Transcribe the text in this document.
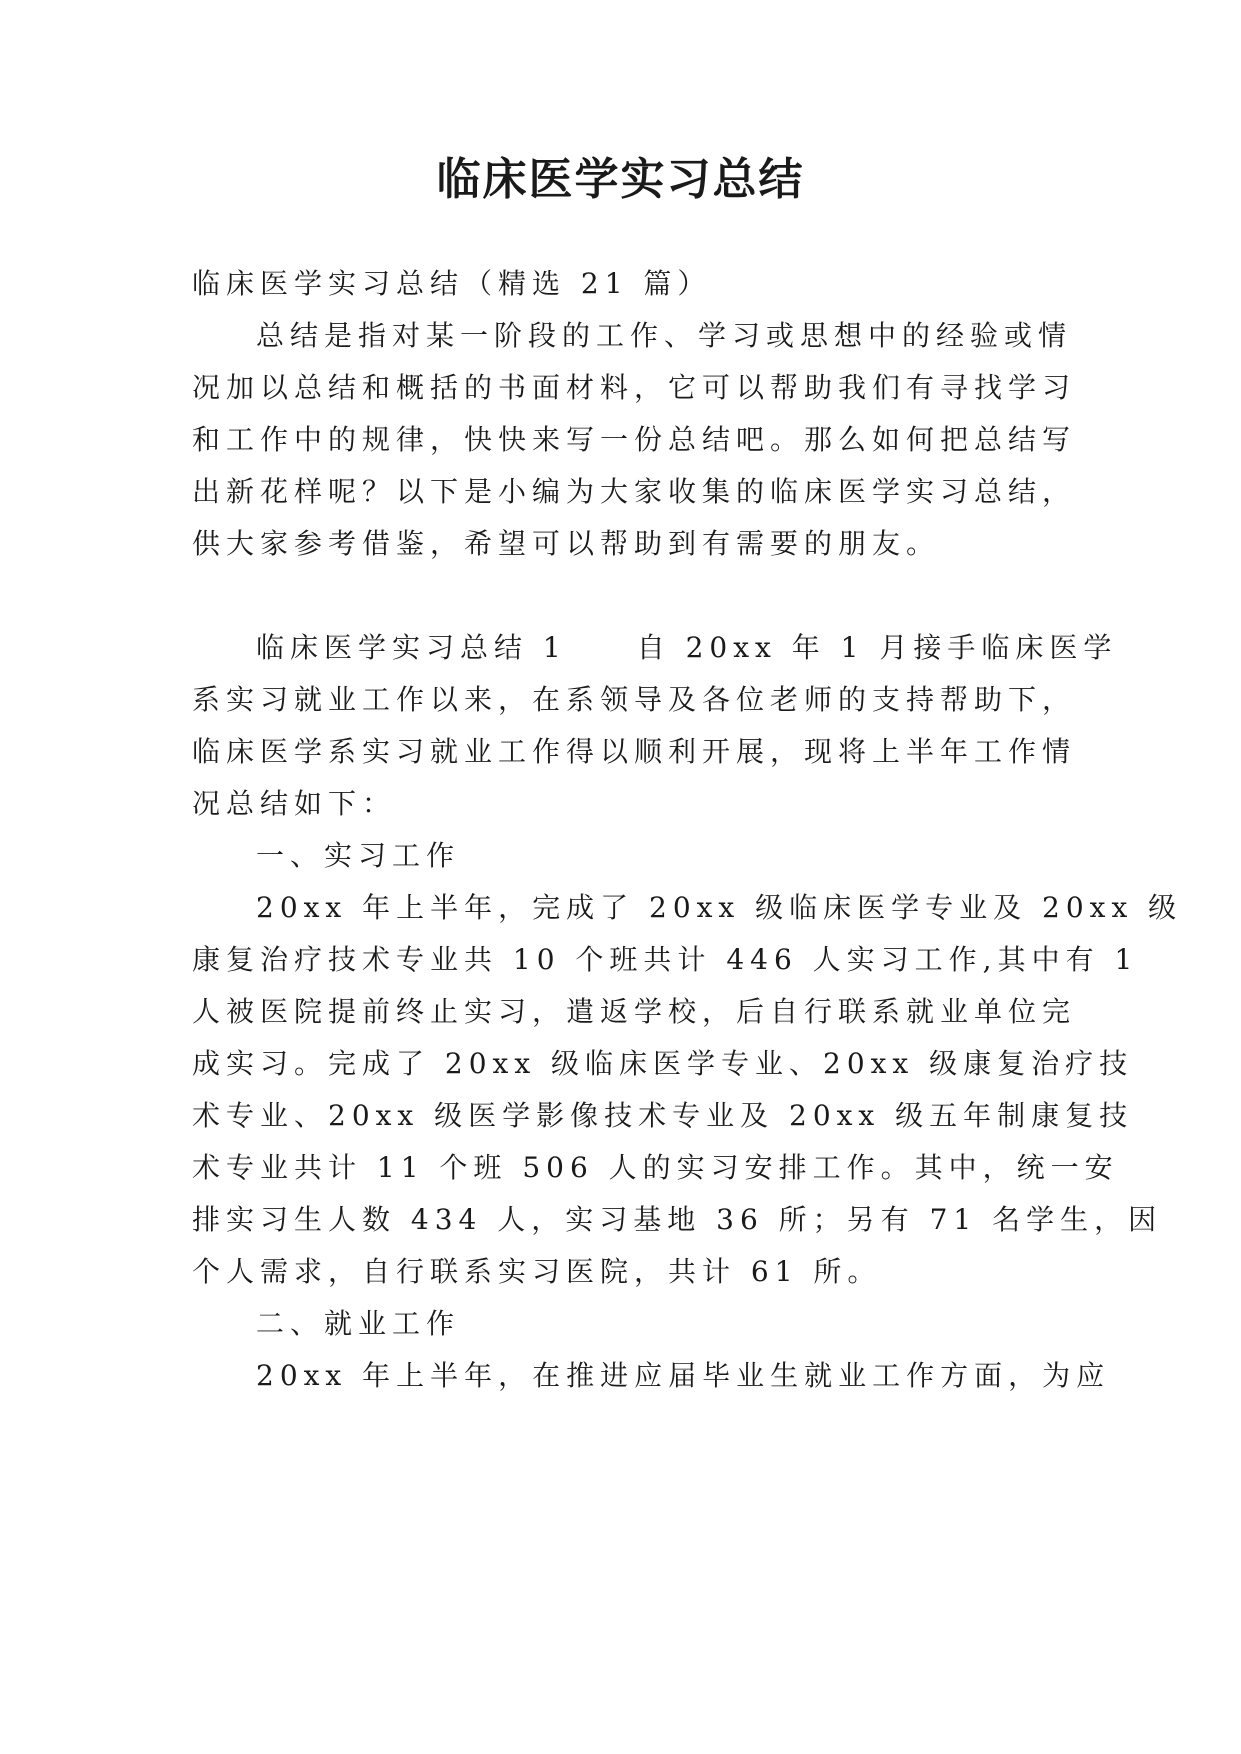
临床医学实习总结
临床医学实习总结（精选 21 篇）
总结是指对某一阶段的工作、学习或思想中的经验或情
况加以总结和概括的书面材料，它可以帮助我们有寻找学习
和工作中的规律，快快来写一份总结吧。那么如何把总结写
出新花样呢？以下是小编为大家收集的临床医学实习总结，
供大家参考借鉴，希望可以帮助到有需要的朋友。
临床医学实习总结 1	自 20xx 年 1 月接手临床医学
系实习就业工作以来，在系领导及各位老师的支持帮助下，
临床医学系实习就业工作得以顺利开展，现将上半年工作情
况总结如下：
一、实习工作
20xx 年上半年，完成了 20xx 级临床医学专业及 20xx 级
康复治疗技术专业共 10 个班共计 446 人实习工作,其中有 1
人被医院提前终止实习，遣返学校，后自行联系就业单位完
成实习。完成了 20xx 级临床医学专业、20xx 级康复治疗技
术专业、20xx 级医学影像技术专业及 20xx 级五年制康复技
术专业共计 11 个班 506 人的实习安排工作。其中，统一安
排实习生人数 434 人，实习基地 36 所；另有 71 名学生，因
个人需求，自行联系实习医院，共计 61 所。
二、就业工作
20xx 年上半年，在推进应届毕业生就业工作方面，为应
